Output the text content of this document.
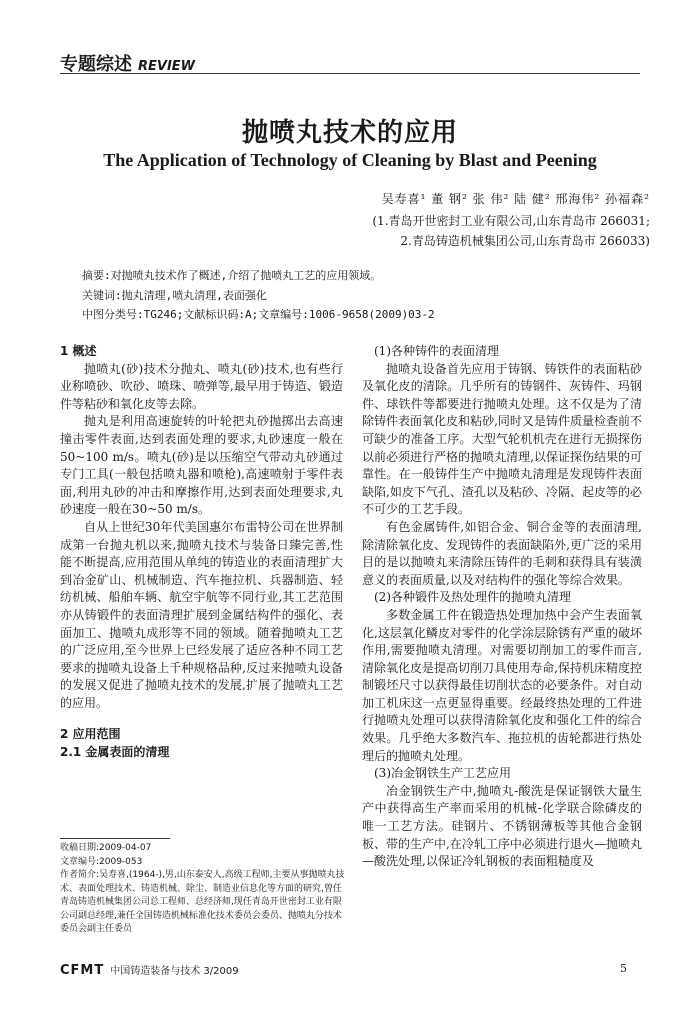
专题综述 REVIEW
抛喷丸技术的应用
The Application of Technology of Cleaning by Blast and Peening
吴寿喜¹ 董 钢² 张 伟² 陆 健² 邢海伟² 孙福森²
(1.青岛开世密封工业有限公司,山东青岛市 266031;
2.青岛铸造机械集团公司,山东青岛市 266033)
摘要:对抛喷丸技术作了概述,介绍了抛喷丸工艺的应用领域。
关键词:抛丸清理,喷丸清理,表面强化
中图分类号:TG246;文献标识码:A;文章编号:1006-9658(2009)03-2
1 概述

抛喷丸(砂)技术分抛丸、喷丸(砂)技术,也有些行业称喷砂、吹砂、喷珠、喷弹等,最早用于铸造、锻造件等粘砂和氧化皮等去除。

抛丸是利用高速旋转的叶轮把丸砂抛掷出去高速撞击零件表面,达到表面处理的要求,丸砂速度一般在50~100 m/s。喷丸(砂)是以压缩空气带动丸砂通过专门工具(一般包括喷丸器和喷枪),高速喷射于零件表面,利用丸砂的冲击和摩擦作用,达到表面处理要求,丸砂速度一般在30~50 m/s。

自从上世纪30年代美国惠尔布雷特公司在世界制成第一台抛丸机以来,抛喷丸技术与装备日臻完善,性能不断提高,应用范围从单纯的铸造业的表面清理扩大到冶金矿山、机械制造、汽车拖拉机、兵器制造、轻纺机械、船舶车辆、航空宇航等不同行业,其工艺范围亦从铸锻件的表面清理扩展到金属结构件的强化、表面加工、抛喷丸成形等不同的领域。随着抛喷丸工艺的广泛应用,至今世界上已经发展了适应各种不同工艺要求的抛喷丸设备上千种规格品种,反过来抛喷丸设备的发展又促进了抛喷丸技术的发展,扩展了抛喷丸工艺的应用。

2 应用范围
2.1 金属表面的清理
收稿日期:2009-04-07
文章编号:2009-053
作者简介:吴寿喜,(1964-),男,山东泰安人,高级工程师,主要从事抛喷丸技术、表面处理技术、铸造机械、除尘、制造业信息化等方面的研究,曾任青岛铸造机械集团公司总工程师、总经济师,现任青岛开世密封工业有限公司副总经理,兼任全国铸造机械标准化技术委员会委员、抛喷丸分技术委员会副主任委员
(1)各种铸件的表面清理

抛喷丸设备首先应用于铸钢、铸铁件的表面粘砂及氧化皮的清除。几乎所有的铸钢件、灰铸件、玛钢件、球铁件等都要进行抛喷丸处理。这不仅是为了清除铸件表面氧化皮和粘砂,同时又是铸件质量检查前不可缺少的准备工序。大型气轮机机壳在进行无损探伤以前必须进行严格的抛喷丸清理,以保证探伤结果的可靠性。在一般铸件生产中抛喷丸清理是发现铸件表面缺陷,如皮下气孔、渣孔以及粘砂、冷隔、起皮等的必不可少的工艺手段。

有色金属铸件,如铝合金、铜合金等的表面清理,除清除氧化皮、发现铸件的表面缺陷外,更广泛的采用目的是以抛喷丸来清除压铸件的毛刺和获得具有装潢意义的表面质量,以及对结构件的强化等综合效果。

(2)各种锻件及热处理件的抛喷丸清理

多数金属工件在锻造热处理加热中会产生表面氧化,这层氧化鳞皮对零件的化学涂层除锈有严重的破坏作用,需要抛喷丸清理。对需要切削加工的零件而言,清除氧化皮是提高切削刀具使用寿命,保持机床精度控制锻坯尺寸以获得最佳切削状态的必要条件。对自动加工机床这一点更显得重要。经最终热处理的工件进行抛喷丸处理可以获得清除氧化皮和强化工件的综合效果。几乎绝大多数汽车、拖拉机的齿轮都进行热处理后的抛喷丸处理。

(3)冶金钢铁生产工艺应用

冶金钢铁生产中,抛喷丸-酸洗是保证钢铁大量生产中获得高生产率而采用的机械-化学联合除磷皮的唯一工艺方法。硅钢片、不锈钢薄板等其他合金钢板、带的生产中,在冷轧工序中必须进行退火—抛喷丸—酸洗处理,以保证冷轧钢板的表面粗糙度及

CFMT 中国铸造装备与技术 3/2009	5
